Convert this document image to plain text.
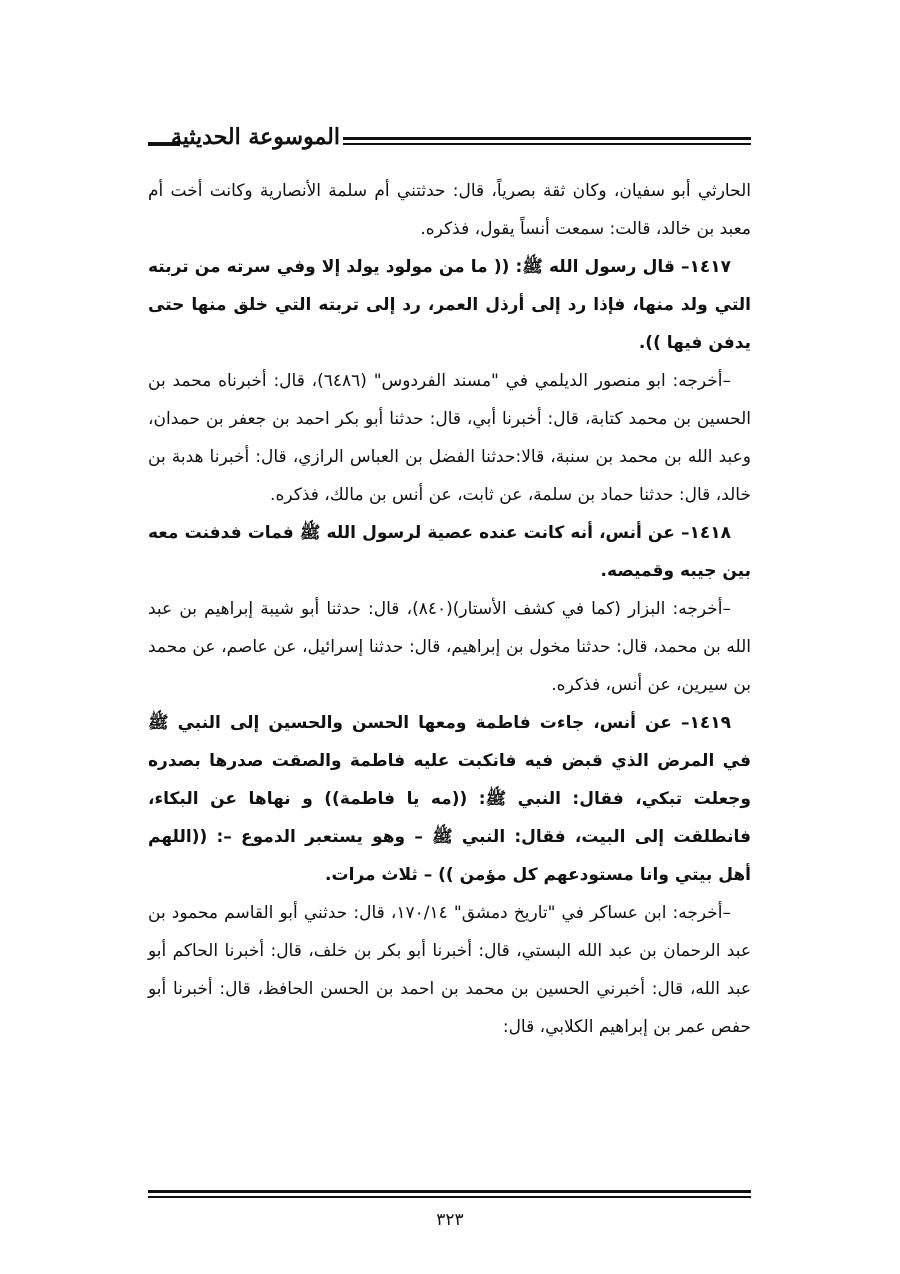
الموسوعة الحديثية

الحارثي أبو سفيان، وكان ثقة بصرياً، قال: حدثتني أم سلمة الأنصارية وكانت أخت أم معبد بن خالد، قالت: سمعت أنساً يقول، فذكره.

١٤١٧– قال رسول الله ﷺ: (( ما من مولود يولد إلا وفي سرته من تربته التي ولد منها، فإذا رد إلى أرذل العمر، رد إلى تربته التي خلق منها حتى يدفن فيها )).

–أخرجه: ابو منصور الديلمي في "مسند الفردوس" (٦٤٨٦)، قال: أخبرناه محمد بن الحسين بن محمد كتابة، قال: أخبرنا أبي، قال: حدثنا أبو بكر احمد بن جعفر بن حمدان، وعبد الله بن محمد بن سنبة، قالا:حدثنا الفضل بن العباس الرازي، قال: أخبرنا هدبة بن خالد، قال: حدثنا حماد بن سلمة، عن ثابت، عن أنس بن مالك، فذكره.

١٤١٨– عن أنس، أنه كانت عنده عصية لرسول الله ﷺ فمات فدفنت معه بين جيبه وقميصه.

–أخرجه: البزار (كما في كشف الأستار)(٨٤٠)، قال: حدثنا أبو شيبة إبراهيم بن عبد الله بن محمد، قال: حدثنا مخول بن إبراهيم، قال: حدثنا إسرائيل، عن عاصم، عن محمد بن سيرين، عن أنس، فذكره.

١٤١٩– عن أنس، جاءت فاطمة ومعها الحسن والحسين إلى النبي ﷺ في المرض الذي قبض فيه فانكبت عليه فاطمة والصقت صدرها بصدره وجعلت تبكي، فقال: النبي ﷺ: ((مه يا فاطمة)) و نهاها عن البكاء، فانطلقت إلى البيت، فقال: النبي ﷺ – وهو يستعبر الدموع –: ((اللهم أهل بيتي وانا مستودعهم كل مؤمن )) – ثلاث مرات.

–أخرجه: ابن عساكر في "تاريخ دمشق" ١٧٠/١٤، قال: حدثني أبو القاسم محمود بن عبد الرحمان بن عبد الله البستي، قال: أخبرنا أبو بكر بن خلف، قال: أخبرنا الحاكم أبو عبد الله، قال: أخبرني الحسين بن محمد بن احمد بن الحسن الحافظ، قال: أخبرنا أبو حفص عمر بن إبراهيم الكلابي، قال:

٣٢٣
